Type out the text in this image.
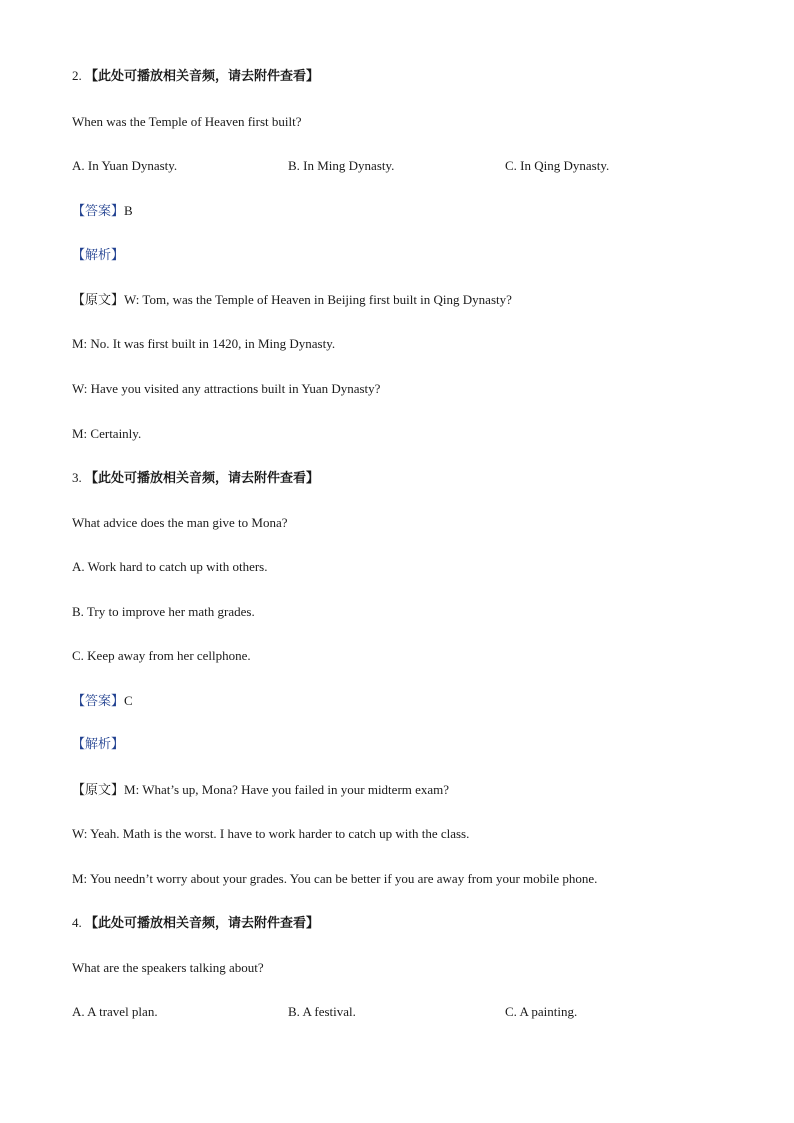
2. 【此处可播放相关音频，请去附件查看】
When was the Temple of Heaven first built?
A. In Yuan Dynasty.	B. In Ming Dynasty.	C. In Qing Dynasty.
【答案】B
【解析】
【原文】W: Tom, was the Temple of Heaven in Beijing first built in Qing Dynasty?
M: No. It was first built in 1420, in Ming Dynasty.
W: Have you visited any attractions built in Yuan Dynasty?
M: Certainly.
3. 【此处可播放相关音频，请去附件查看】
What advice does the man give to Mona?
A. Work hard to catch up with others.
B. Try to improve her math grades.
C. Keep away from her cellphone.
【答案】C
【解析】
【原文】M: What’s up, Mona? Have you failed in your midterm exam?
W: Yeah. Math is the worst. I have to work harder to catch up with the class.
M: You needn’t worry about your grades. You can be better if you are away from your mobile phone.
4. 【此处可播放相关音频，请去附件查看】
What are the speakers talking about?
A. A travel plan.	B. A festival.	C. A painting.
